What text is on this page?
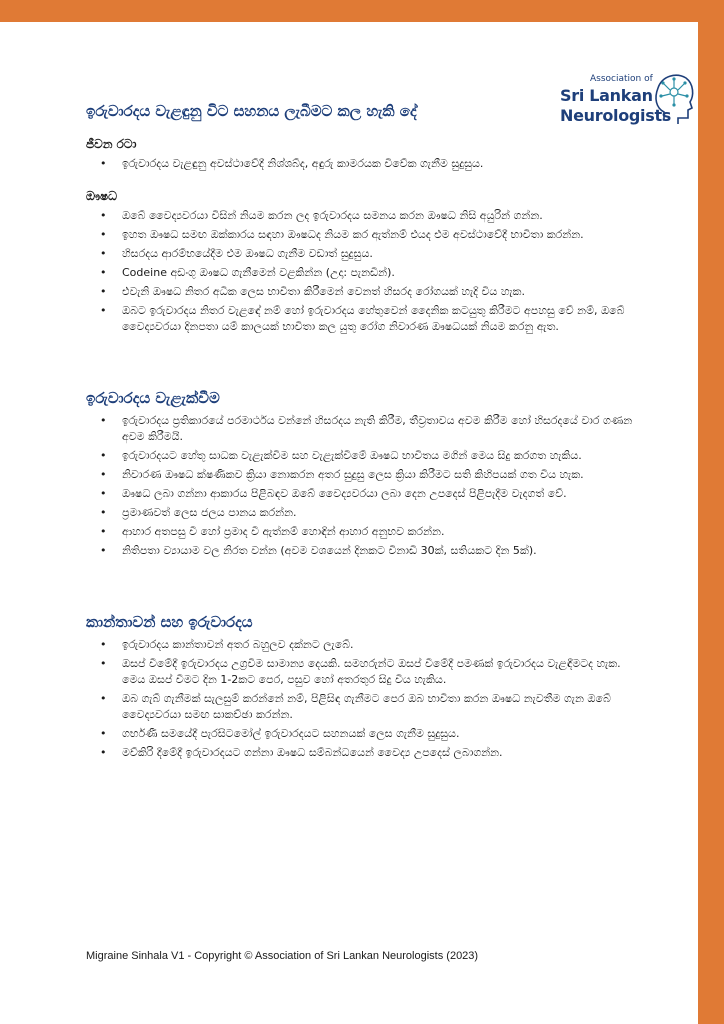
Association of
Sri Lankan
Neurologists
ඉරුවාරදය වැළඳුනු විට සහනය ලැබීමට කල හැකි දේ

ජීවන රටා

• ඉරුවාරදය වැළඳුනු අවස්ථාවේදී නිශ්ශබ්ද, අඳුරු කාමරයක විවේක ගැනීම සුදුසුය.

ඖෂධ

• ඔබේ වෛද්‍යවරයා විසින් නියම කරන ලද ඉරුවාරදය සමනය කරන ඖෂධ නිසි අයුරින් ගන්න.
• ඉහත ඖෂධ සමඟ ඔක්කාරය සඳහා ඖෂධද නියම කර ඇත්නම් එයද එම අවස්ථාවේදී භාවිතා කරන්න.
• හිසරදය ආරම්භයේදීම එම ඖෂධ ගැනීම වඩාත් සුදුසුය.
• Codeine අඩංගු ඖෂධ ගැනීමෙන් වළකින්න (උදා: පැනඩීන්).
• එවැනි ඖෂධ නිතර අධික ලෙස භාවිතා කිරීමෙන් වෙනත් හිසරද රෝගයක් හැදි විය හැක.
• ඔබට ඉරුවාරදය නිතර වැළඳේ නම් හෝ ඉරුවාරදය හේතුවෙන් දෛනික කටයුතු කිරීමට අපහසු වේ නම්, ඔබේ වෛද්‍යවරයා දිනපතා යම් කාලයක් භාවිතා කල යුතු රෝග නිවාරණ ඖෂධයක් නියම කරනු ඇත.
ඉරුවාරදය වැළැක්වීම
• ඉරුවාරදය ප්‍රතිකාරයේ පරමාර්ථය වන්නේ හිසරදය නැති කිරීම, තීව්‍රතාවය අවම කිරීම හෝ හිසරදයේ වාර ගණන අවම කිරීමයි.
• ඉරුවාරදයට හේතු සාධක වැළැක්වීම සහ වැළැක්වීමේ ඖෂධ භාවිතය මගින් මෙය සිදු කරගත හැකිය.
• නිවාරණ ඖෂධ ක්ෂණිකව ක්‍රියා නොකරන අතර සුදුසු ලෙස ක්‍රියා කිරීමට සති කිහිපයක් ගත විය හැක.
• ඖෂධ ලබා ගන්නා ආකාරය පිළිබඳව ඔබේ වෛද්‍යවරයා ලබා දෙන උපදෙස් පිළිපැදීම වැදගත් වේ.
• ප්‍රමාණවත් ලෙස ජලය පානය කරන්න.
• ආහාර අතපසු වී හෝ ප්‍රමාද වී ඇත්නම් හොඳින් ආහාර අනුභව කරන්න.
• නිතිපතා ව්‍යායාම වල නිරත වන්න (අවම වශයෙන් දිනකට විනාඩි 30ක්, සතියකට දින 5ක්).
කාන්තාවන් සහ ඉරුවාරදය
• ඉරුවාරදය කාන්තාවන් අතර බහුලව දක්නට ලැබේ.
• ඔසප් වීමේදී ඉරුවාරදය උග්‍රවීම සාමාන්‍ය දෙයකි. සමහරුන්ට ඔසප් වීමේදී පමණක් ඉරුවාරදය වැළඳීමටද හැක. මෙය ඔසප් වීමට දින 1-2කට පෙර, පසුව හෝ අතරතුර සිදු විය හැකිය.
• ඔබ ගැබ් ගැනීමක් සැලසුම් කරන්නේ නම්, පිළිසිඳ ගැනීමට පෙර ඔබ භාවිතා කරන ඖෂධ නැවතීම ගැන ඔබේ වෛද්‍යවරයා සමඟ සාකච්ඡා කරන්න.
• ගර්භණී සමයේදී පැරසිටමෝල් ඉරුවාරදයට සහනයක් ලෙස ගැනීම සුදුසුය.
• මව්කිරි දීමේදී ඉරුවාරදයට ගන්නා ඖෂධ සම්බන්ධයෙන් වෛද්‍ය උපදෙස් ලබාගන්න.
Migraine Sinhala V1 - Copyright © Association of Sri Lankan Neurologists (2023)
